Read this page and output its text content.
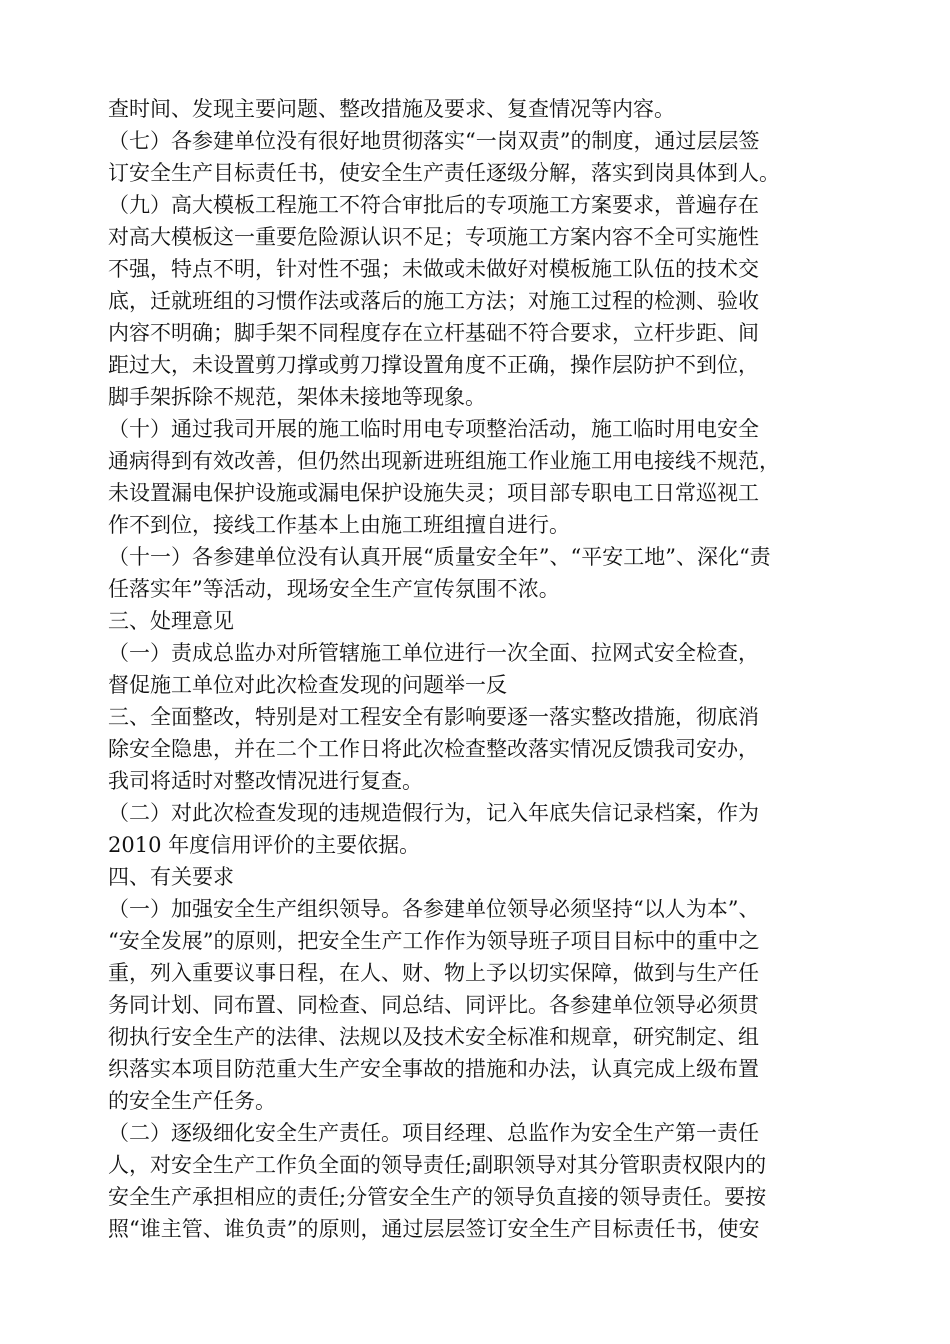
查时间、发现主要问题、整改措施及要求、复查情况等内容。
（七）各参建单位没有很好地贯彻落实“一岗双责”的制度，通过层层签
订安全生产目标责任书，使安全生产责任逐级分解，落实到岗具体到人。
（九）高大模板工程施工不符合审批后的专项施工方案要求，普遍存在
对高大模板这一重要危险源认识不足；专项施工方案内容不全可实施性
不强，特点不明，针对性不强；未做或未做好对模板施工队伍的技术交
底，迁就班组的习惯作法或落后的施工方法；对施工过程的检测、验收
内容不明确；脚手架不同程度存在立杆基础不符合要求，立杆步距、间
距过大，未设置剪刀撑或剪刀撑设置角度不正确，操作层防护不到位，
脚手架拆除不规范，架体未接地等现象。
（十）通过我司开展的施工临时用电专项整治活动，施工临时用电安全
通病得到有效改善，但仍然出现新进班组施工作业施工用电接线不规范，
未设置漏电保护设施或漏电保护设施失灵；项目部专职电工日常巡视工
作不到位，接线工作基本上由施工班组擅自进行。
（十一）各参建单位没有认真开展“质量安全年”、“平安工地”、深化“责
任落实年”等活动，现场安全生产宣传氛围不浓。
三、处理意见
（一）责成总监办对所管辖施工单位进行一次全面、拉网式安全检查，
督促施工单位对此次检查发现的问题举一反
三、全面整改，特别是对工程安全有影响要逐一落实整改措施，彻底消
除安全隐患，并在二个工作日将此次检查整改落实情况反馈我司安办，
我司将适时对整改情况进行复查。
（二）对此次检查发现的违规造假行为，记入年底失信记录档案，作为
2010 年度信用评价的主要依据。
四、有关要求
（一）加强安全生产组织领导。各参建单位领导必须坚持“以人为本”、
“安全发展”的原则，把安全生产工作作为领导班子项目目标中的重中之
重，列入重要议事日程，在人、财、物上予以切实保障，做到与生产任
务同计划、同布置、同检查、同总结、同评比。各参建单位领导必须贯
彻执行安全生产的法律、法规以及技术安全标准和规章，研究制定、组
织落实本项目防范重大生产安全事故的措施和办法，认真完成上级布置
的安全生产任务。
（二）逐级细化安全生产责任。项目经理、总监作为安全生产第一责任
人，对安全生产工作负全面的领导责任;副职领导对其分管职责权限内的
安全生产承担相应的责任;分管安全生产的领导负直接的领导责任。要按
照“谁主管、谁负责”的原则，通过层层签订安全生产目标责任书，使安
